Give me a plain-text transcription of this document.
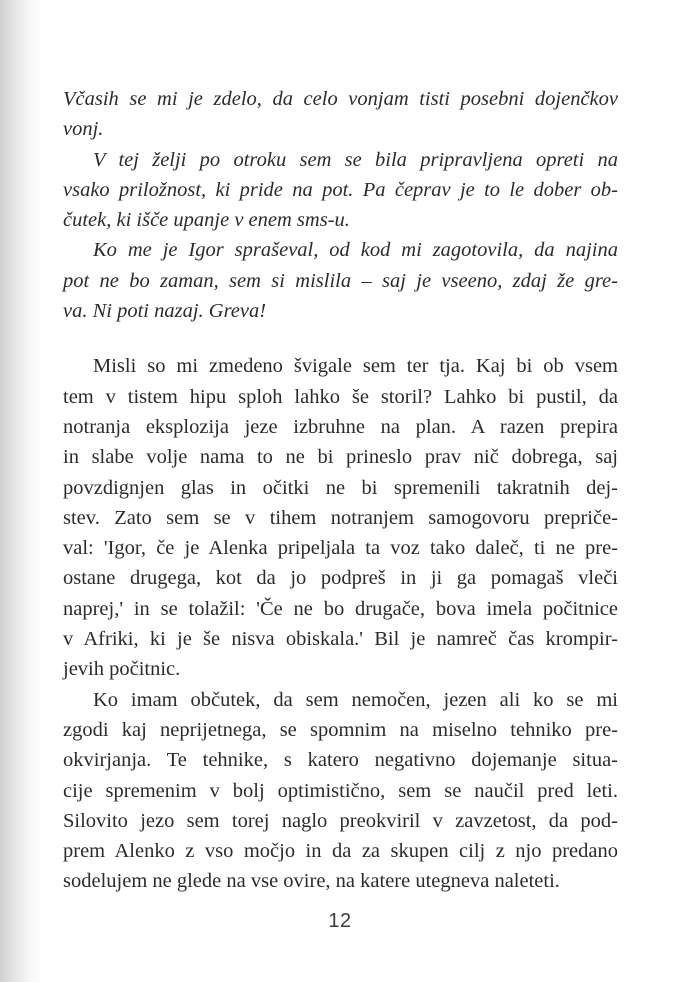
Včasih se mi je zdelo, da celo vonjam tisti posebni dojenčkov
vonj.
V tej želji po otroku sem se bila pripravljena opreti na
vsako priložnost, ki pride na pot. Pa čeprav je to le dober ob-
čutek, ki išče upanje v enem sms-u.
Ko me je Igor spraševal, od kod mi zagotovila, da najina
pot ne bo zaman, sem si mislila – saj je vseeno, zdaj že gre-
va. Ni poti nazaj. Greva!
Misli so mi zmedeno švigale sem ter tja. Kaj bi ob vsem
tem v tistem hipu sploh lahko še storil? Lahko bi pustil, da
notranja eksplozija jeze izbruhne na plan. A razen prepira
in slabe volje nama to ne bi prineslo prav nič dobrega, saj
povzdignjen glas in očitki ne bi spremenili takratnih dej-
stev. Zato sem se v tihem notranjem samogovoru prepriče-
val: 'Igor, če je Alenka pripeljala ta voz tako daleč, ti ne pre-
ostane drugega, kot da jo podpreš in ji ga pomagaš vleči
naprej,' in se tolažil: 'Če ne bo drugače, bova imela počitnice
v Afriki, ki je še nisva obiskala.' Bil je namreč čas krompir-
jevih počitnic.
Ko imam občutek, da sem nemočen, jezen ali ko se mi
zgodi kaj neprijetnega, se spomnim na miselno tehniko pre-
okvirjanja. Te tehnike, s katero negativno dojemanje situa-
cije spremenim v bolj optimistično, sem se naučil pred leti.
Silovito jezo sem torej naglo preokviril v zavzetost, da pod-
prem Alenko z vso močjo in da za skupen cilj z njo predano
sodelujem ne glede na vse ovire, na katere utegneva naleteti.
12
